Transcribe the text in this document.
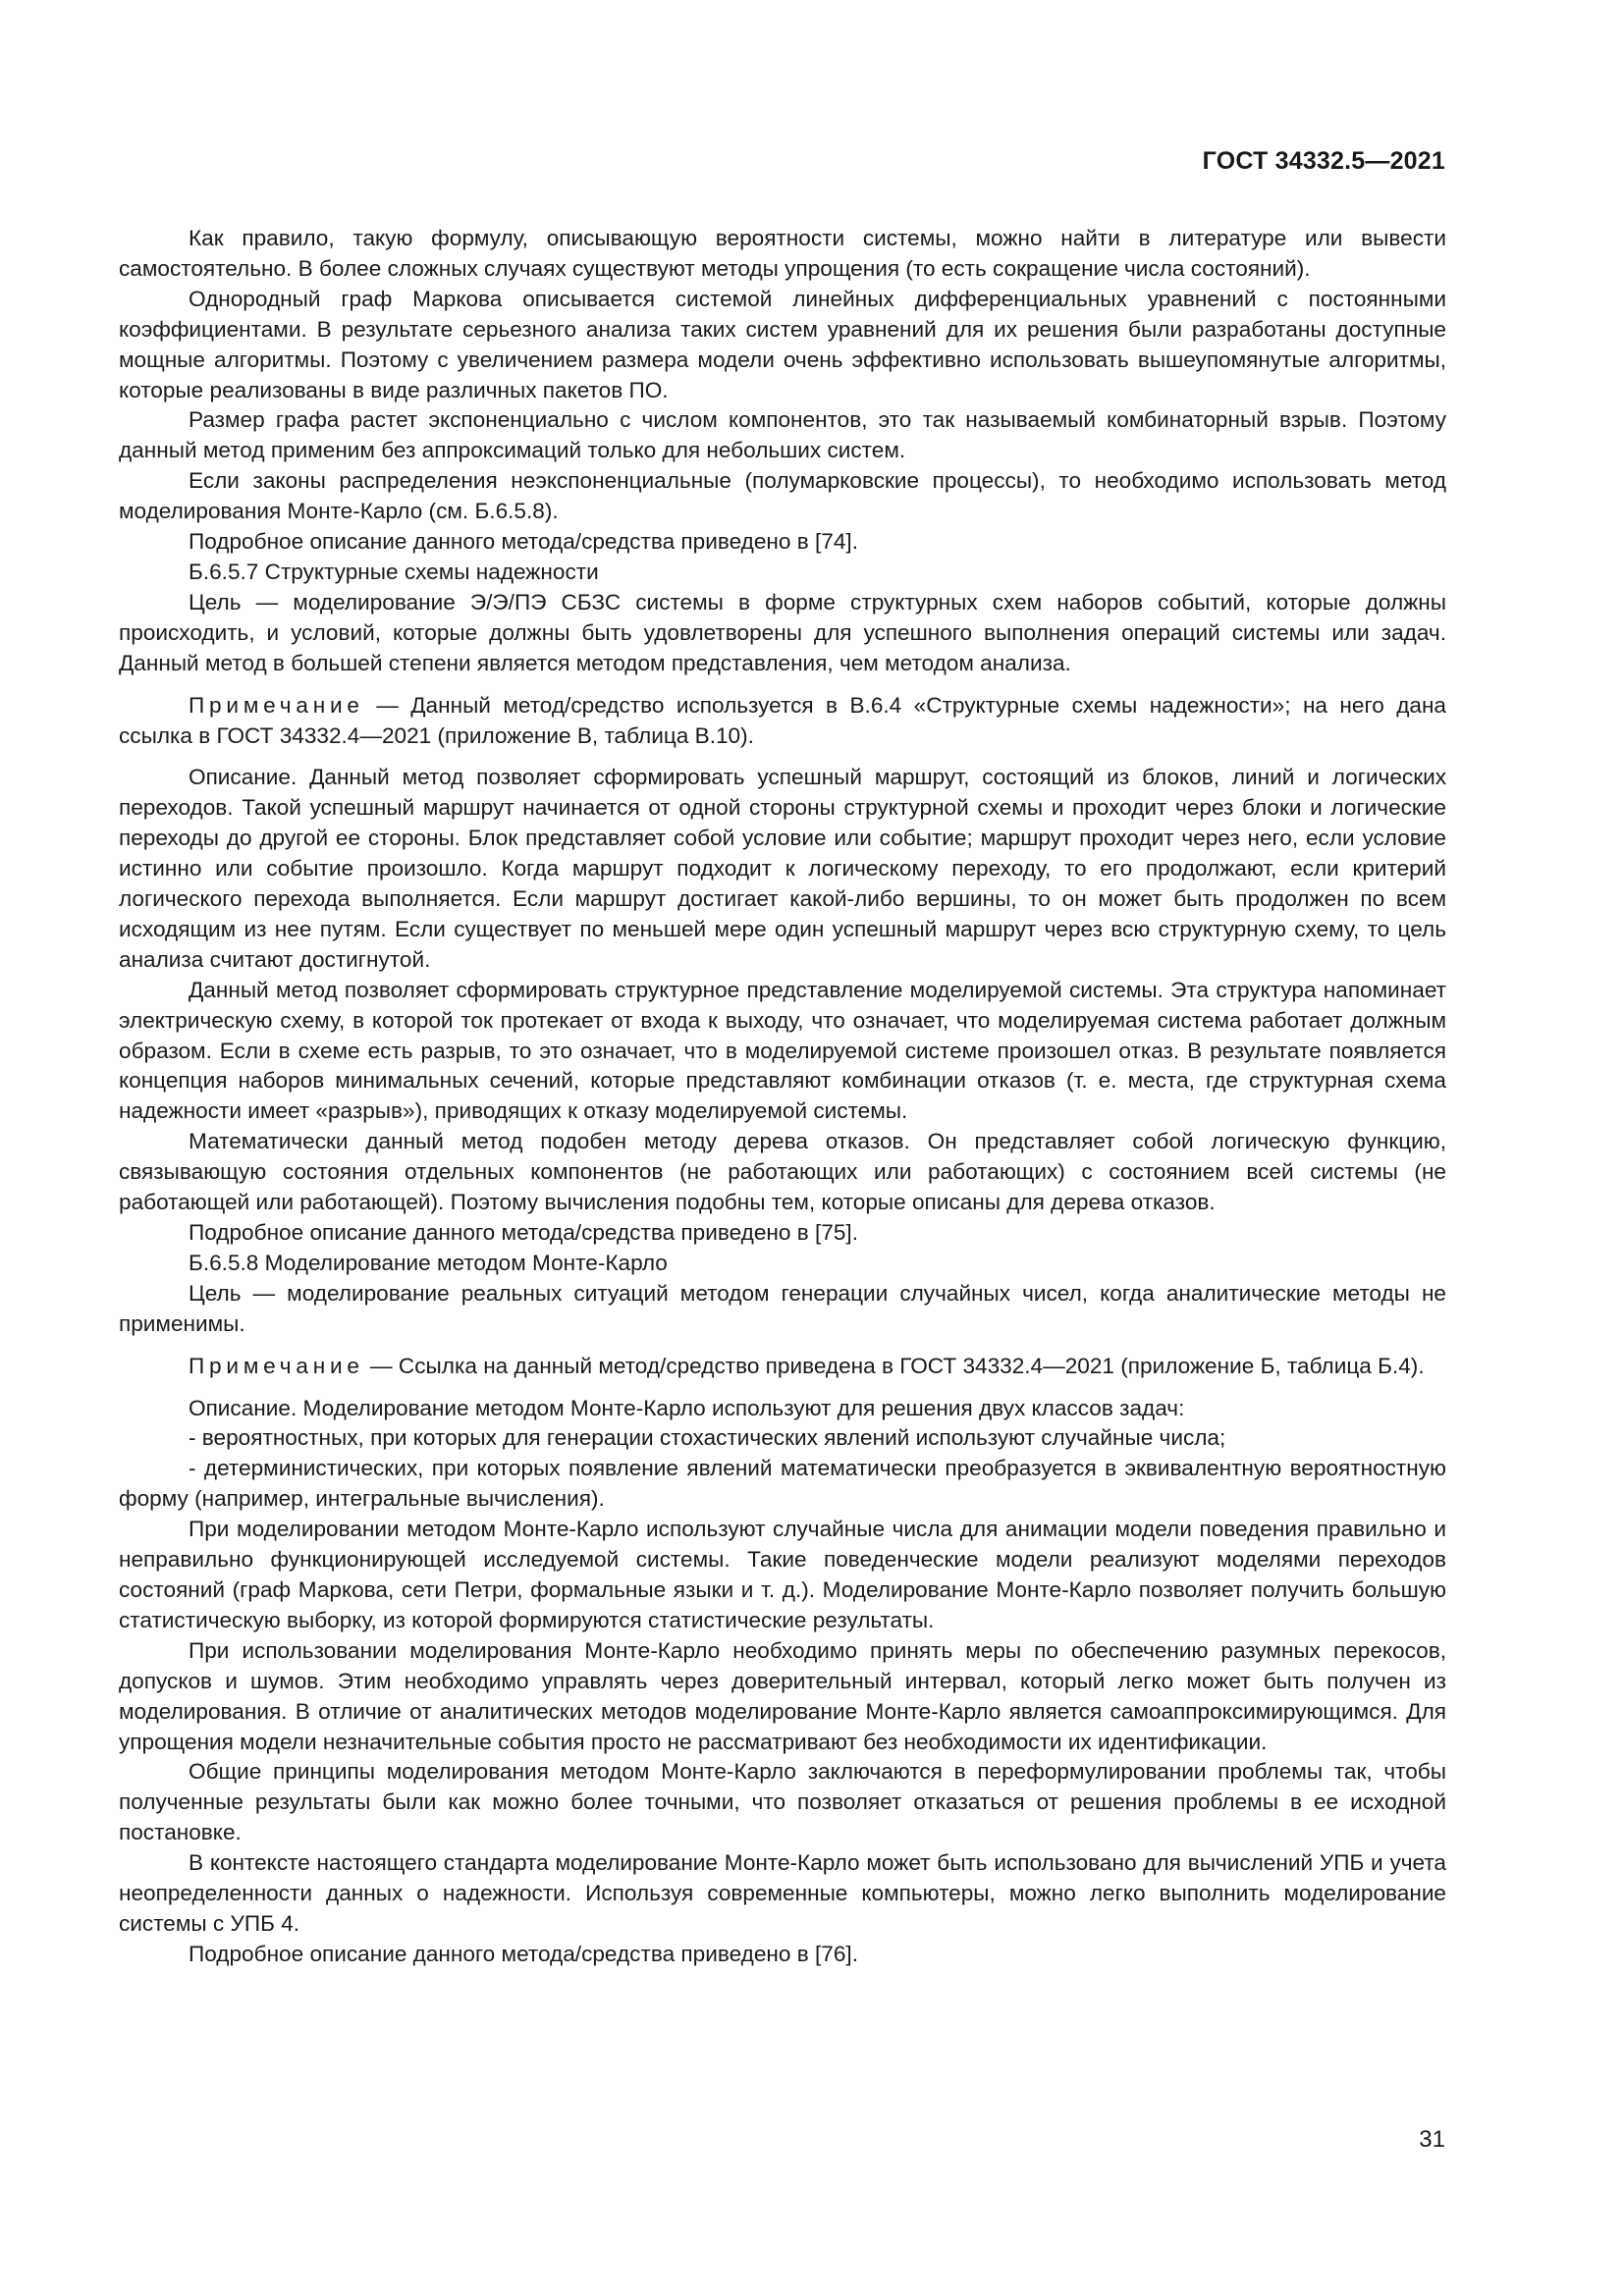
ГОСТ 34332.5—2021

Как правило, такую формулу, описывающую вероятности системы, можно найти в литературе или вывести самостоятельно. В более сложных случаях существуют методы упрощения (то есть сокращение числа состояний).

Однородный граф Маркова описывается системой линейных дифференциальных уравнений с постоянными коэффициентами. В результате серьезного анализа таких систем уравнений для их решения были разработаны доступные мощные алгоритмы. Поэтому с увеличением размера модели очень эффективно использовать вышеупомянутые алгоритмы, которые реализованы в виде различных пакетов ПО.

Размер графа растет экспоненциально с числом компонентов, это так называемый комбинаторный взрыв. Поэтому данный метод применим без аппроксимаций только для небольших систем.

Если законы распределения неэкспоненциальные (полумарковские процессы), то необходимо использовать метод моделирования Монте-Карло (см. Б.6.5.8).

Подробное описание данного метода/средства приведено в [74].

Б.6.5.7 Структурные схемы надежности

Цель — моделирование Э/Э/ПЭ СБЗС системы в форме структурных схем наборов событий, которые должны происходить, и условий, которые должны быть удовлетворены для успешного выполнения операций системы или задач. Данный метод в большей степени является методом представления, чем методом анализа.

Примечание — Данный метод/средство используется в В.6.4 «Структурные схемы надежности»; на него дана ссылка в ГОСТ 34332.4—2021 (приложение В, таблица В.10).

Описание. Данный метод позволяет сформировать успешный маршрут, состоящий из блоков, линий и логических переходов. Такой успешный маршрут начинается от одной стороны структурной схемы и проходит через блоки и логические переходы до другой ее стороны. Блок представляет собой условие или событие; маршрут проходит через него, если условие истинно или событие произошло. Когда маршрут подходит к логическому переходу, то его продолжают, если критерий логического перехода выполняется. Если маршрут достигает какой-либо вершины, то он может быть продолжен по всем исходящим из нее путям. Если существует по меньшей мере один успешный маршрут через всю структурную схему, то цель анализа считают достигнутой.

Данный метод позволяет сформировать структурное представление моделируемой системы. Эта структура напоминает электрическую схему, в которой ток протекает от входа к выходу, что означает, что моделируемая система работает должным образом. Если в схеме есть разрыв, то это означает, что в моделируемой системе произошел отказ. В результате появляется концепция наборов минимальных сечений, которые представляют комбинации отказов (т. е. места, где структурная схема надежности имеет «разрыв»), приводящих к отказу моделируемой системы.

Математически данный метод подобен методу дерева отказов. Он представляет собой логическую функцию, связывающую состояния отдельных компонентов (не работающих или работающих) с состоянием всей системы (не работающей или работающей). Поэтому вычисления подобны тем, которые описаны для дерева отказов.

Подробное описание данного метода/средства приведено в [75].

Б.6.5.8 Моделирование методом Монте-Карло

Цель — моделирование реальных ситуаций методом генерации случайных чисел, когда аналитические методы не применимы.

Примечание — Ссылка на данный метод/средство приведена в ГОСТ 34332.4—2021 (приложение Б, таблица Б.4).

Описание. Моделирование методом Монте-Карло используют для решения двух классов задач:

- вероятностных, при которых для генерации стохастических явлений используют случайные числа;

- детерминистических, при которых появление явлений математически преобразуется в эквивалентную вероятностную форму (например, интегральные вычисления).

При моделировании методом Монте-Карло используют случайные числа для анимации модели поведения правильно и неправильно функционирующей исследуемой системы. Такие поведенческие модели реализуют моделями переходов состояний (граф Маркова, сети Петри, формальные языки и т. д.). Моделирование Монте-Карло позволяет получить большую статистическую выборку, из которой формируются статистические результаты.

При использовании моделирования Монте-Карло необходимо принять меры по обеспечению разумных перекосов, допусков и шумов. Этим необходимо управлять через доверительный интервал, который легко может быть получен из моделирования. В отличие от аналитических методов моделирование Монте-Карло является самоаппроксимирующимся. Для упрощения модели незначительные события просто не рассматривают без необходимости их идентификации.

Общие принципы моделирования методом Монте-Карло заключаются в переформулировании проблемы так, чтобы полученные результаты были как можно более точными, что позволяет отказаться от решения проблемы в ее исходной постановке.

В контексте настоящего стандарта моделирование Монте-Карло может быть использовано для вычислений УПБ и учета неопределенности данных о надежности. Используя современные компьютеры, можно легко выполнить моделирование системы с УПБ 4.

Подробное описание данного метода/средства приведено в [76].

31
